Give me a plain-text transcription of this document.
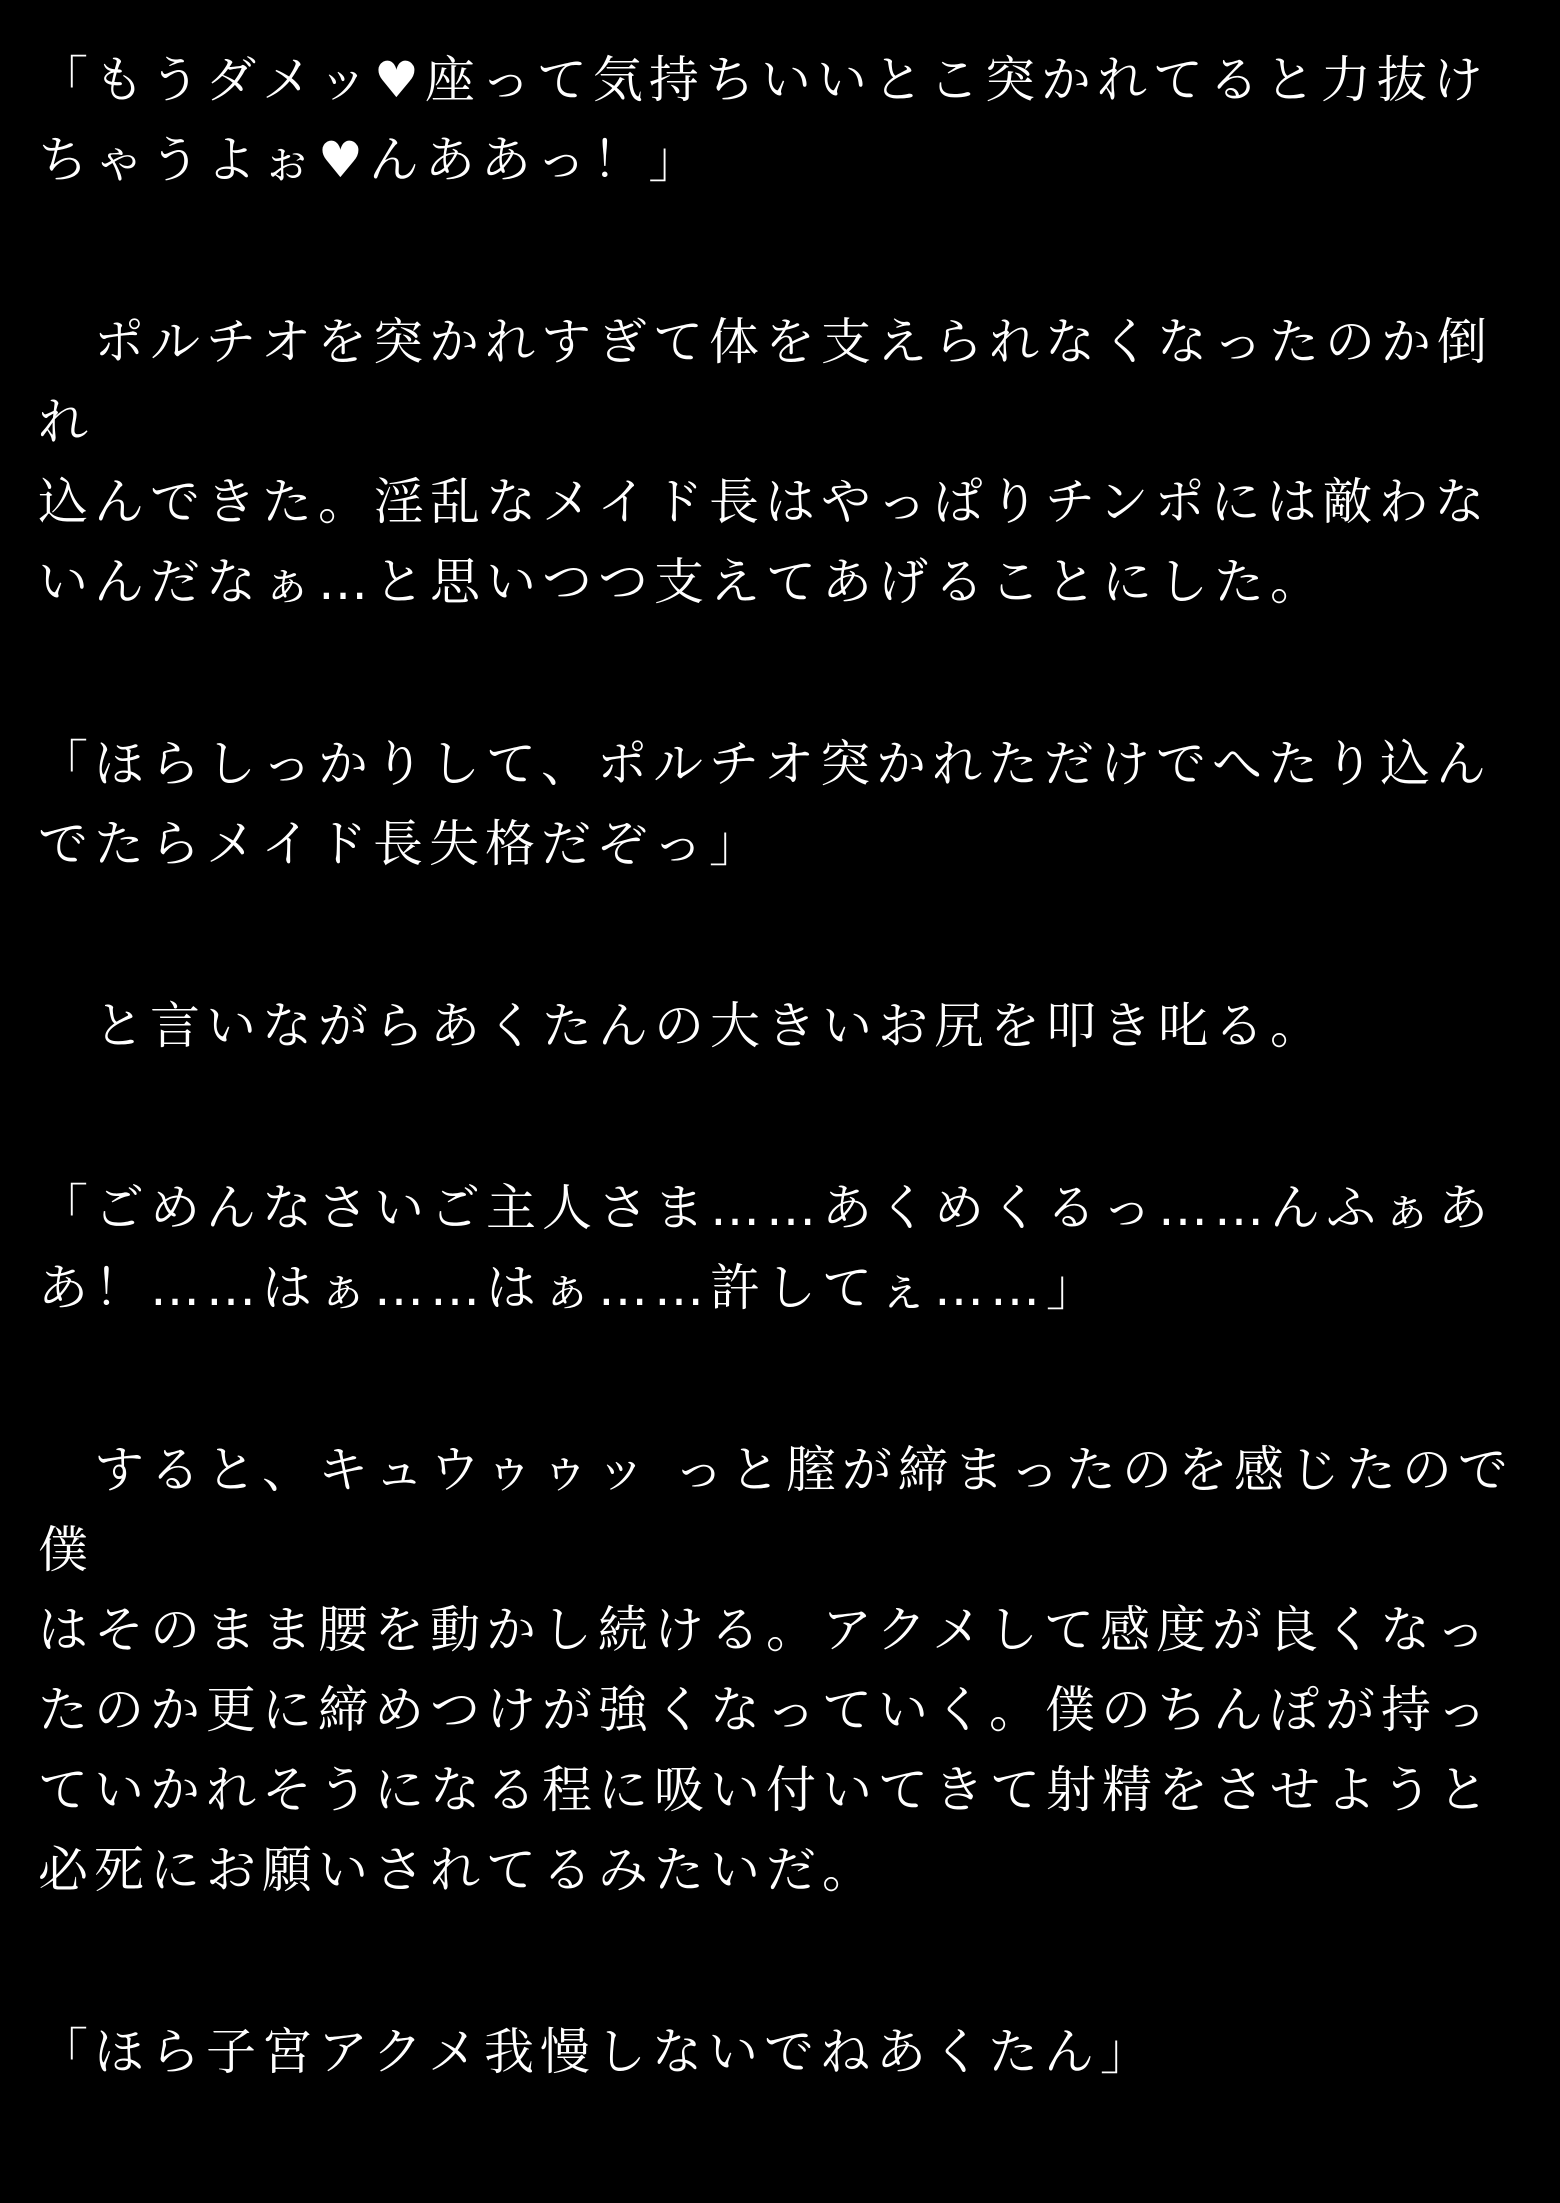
「もうダメッ♥座って気持ちいいとこ突かれてると力抜け
ちゃうよぉ♥んああっ！」
　ポルチオを突かれすぎて体を支えられなくなったのか倒れ
込んできた。淫乱なメイド長はやっぱりチンポには敵わな
いんだなぁ…と思いつつ支えてあげることにした。
「ほらしっかりして、ポルチオ突かれただけでへたり込ん
でたらメイド長失格だぞっ」
　と言いながらあくたんの大きいお尻を叩き叱る。
「ごめんなさいご主人さま……あくめくるっ……んふぁあ
あ！……はぁ……はぁ……許してぇ……」
　すると、キュウゥゥッ っと膣が締まったのを感じたので 僕
はそのまま腰を動かし続ける。アクメして感度が良くなっ
たのか更に締めつけが強くなっていく。僕のちんぽが持っ
ていかれそうになる程に吸い付いてきて射精をさせようと
必死にお願いされてるみたいだ。
「ほら子宮アクメ我慢しないでねあくたん」
